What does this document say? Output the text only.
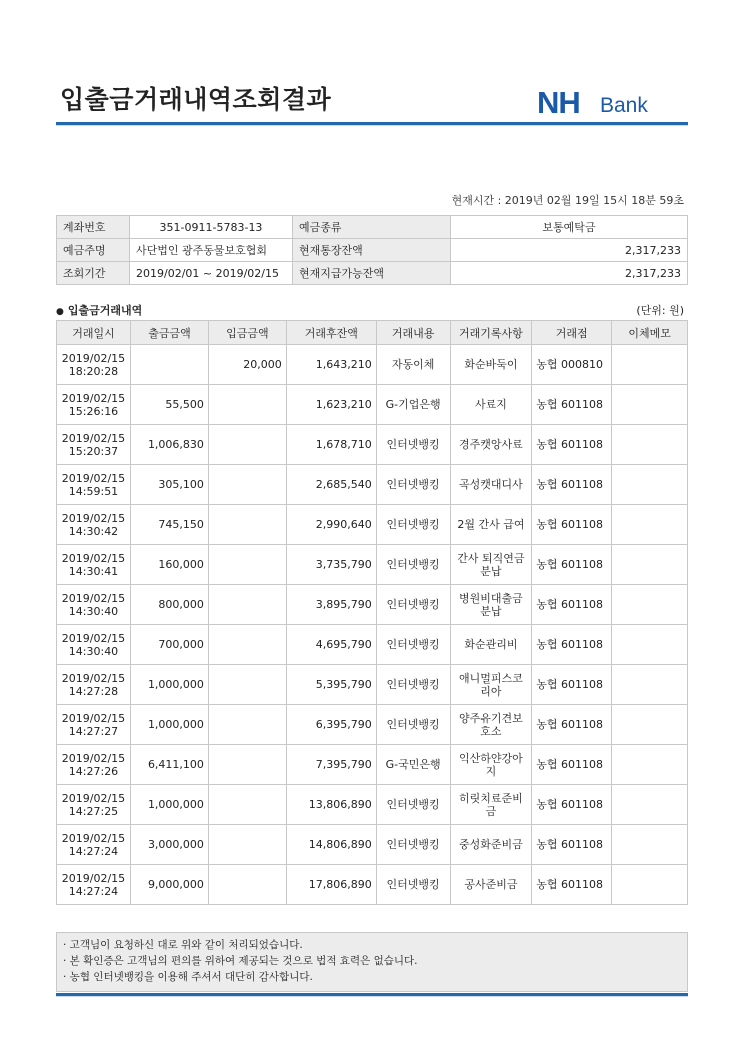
입출금거래내역조회결과	NH Bank
현재시간 : 2019년 02월 19일 15시 18분 59초
계좌번호	351-0911-5783-13	예금종류	보통예탁금
예금주명	사단법인 광주동물보호협회	현재통장잔액	2,317,233
조회기간	2019/02/01 ~ 2019/02/15	현재지급가능잔액	2,317,233
● 입출금거래내역	(단위: 원)
거래일시	출금금액	입금금액	거래후잔액	거래내용	거래기록사항	거래점	이체메모

2019/02/15
18:20:28		20,000	1,643,210	자동이체	화순바둑이	농협 000810	

2019/02/15
15:26:16	55,500		1,623,210	G-기업은행	사료지	농협 601108	

2019/02/15
15:20:37	1,006,830		1,678,710	인터넷뱅킹	경주캣앙사료	농협 601108	

2019/02/15
14:59:51	305,100		2,685,540	인터넷뱅킹	곡성캣대디사	농협 601108	

2019/02/15
14:30:42	745,150		2,990,640	인터넷뱅킹	2월 간사 급여	농협 601108	

2019/02/15
14:30:41	160,000		3,735,790	인터넷뱅킹	간사 퇴직연금 분납	농협 601108	

2019/02/15
14:30:40	800,000		3,895,790	인터넷뱅킹	병원비대출금 분납	농협 601108	

2019/02/15
14:30:40	700,000		4,695,790	인터넷뱅킹	화순관리비	농협 601108	

2019/02/15
14:27:28	1,000,000		5,395,790	인터넷뱅킹	애니멀피스코리아	농협 601108	

2019/02/15
14:27:27	1,000,000		6,395,790	인터넷뱅킹	양주유기견보호소	농협 601108	

2019/02/15
14:27:26	6,411,100		7,395,790	G-국민은행	익산하얀강아지	농협 601108	

2019/02/15
14:27:25	1,000,000		13,806,890	인터넷뱅킹	히릿치료준비금	농협 601108	

2019/02/15
14:27:24	3,000,000		14,806,890	인터넷뱅킹	중성화준비금	농협 601108	

2019/02/15
14:27:24	9,000,000		17,806,890	인터넷뱅킹	공사준비금	농협 601108	
· 고객님이 요청하신 대로 위와 같이 처리되었습니다.
· 본 확인증은 고객님의 편의를 위하여 제공되는 것으로 법적 효력은 없습니다.
· 농협 인터넷뱅킹을 이용해 주셔서 대단히 감사합니다.
